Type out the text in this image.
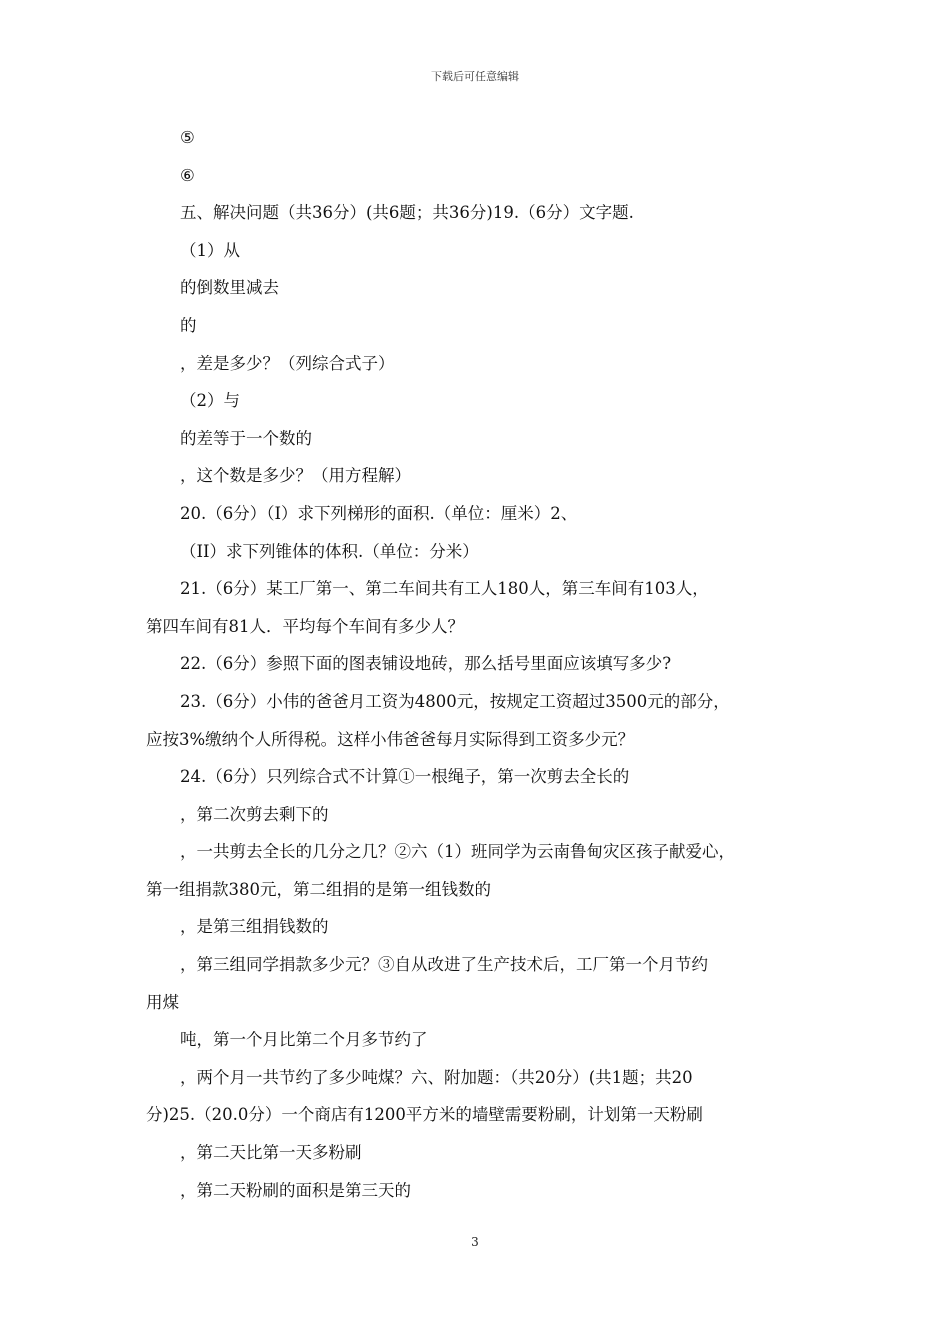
下载后可任意编辑
⑤
⑥
五、解决问题（共36分）(共6题；共36分)19.（6分）文字题.
（1）从
的倒数里减去
的
，差是多少？（列综合式子）
（2）与
的差等于一个数的
，这个数是多少？（用方程解）
20.（6分）（I）求下列梯形的面积.（单位：厘米）2、
（II）求下列锥体的体积.（单位：分米）
21.（6分）某工厂第一、第二车间共有工人180人，第三车间有103人，
第四车间有81人．平均每个车间有多少人？
22.（6分）参照下面的图表铺设地砖，那么括号里面应该填写多少?
23.（6分）小伟的爸爸月工资为4800元，按规定工资超过3500元的部分，
应按3%缴纳个人所得税。这样小伟爸爸每月实际得到工资多少元？
24.（6分）只列综合式不计算①一根绳子，第一次剪去全长的
，第二次剪去剩下的
，一共剪去全长的几分之几？②六（1）班同学为云南鲁甸灾区孩子献爱心，
第一组捐款380元，第二组捐的是第一组钱数的
，是第三组捐钱数的
，第三组同学捐款多少元？③自从改进了生产技术后，工厂第一个月节约
用煤
吨，第一个月比第二个月多节约了
，两个月一共节约了多少吨煤？六、附加题：（共20分）(共1题；共20
分)25.（20.0分）一个商店有1200平方米的墙壁需要粉刷，计划第一天粉刷
，第二天比第一天多粉刷
，第二天粉刷的面积是第三天的
3
